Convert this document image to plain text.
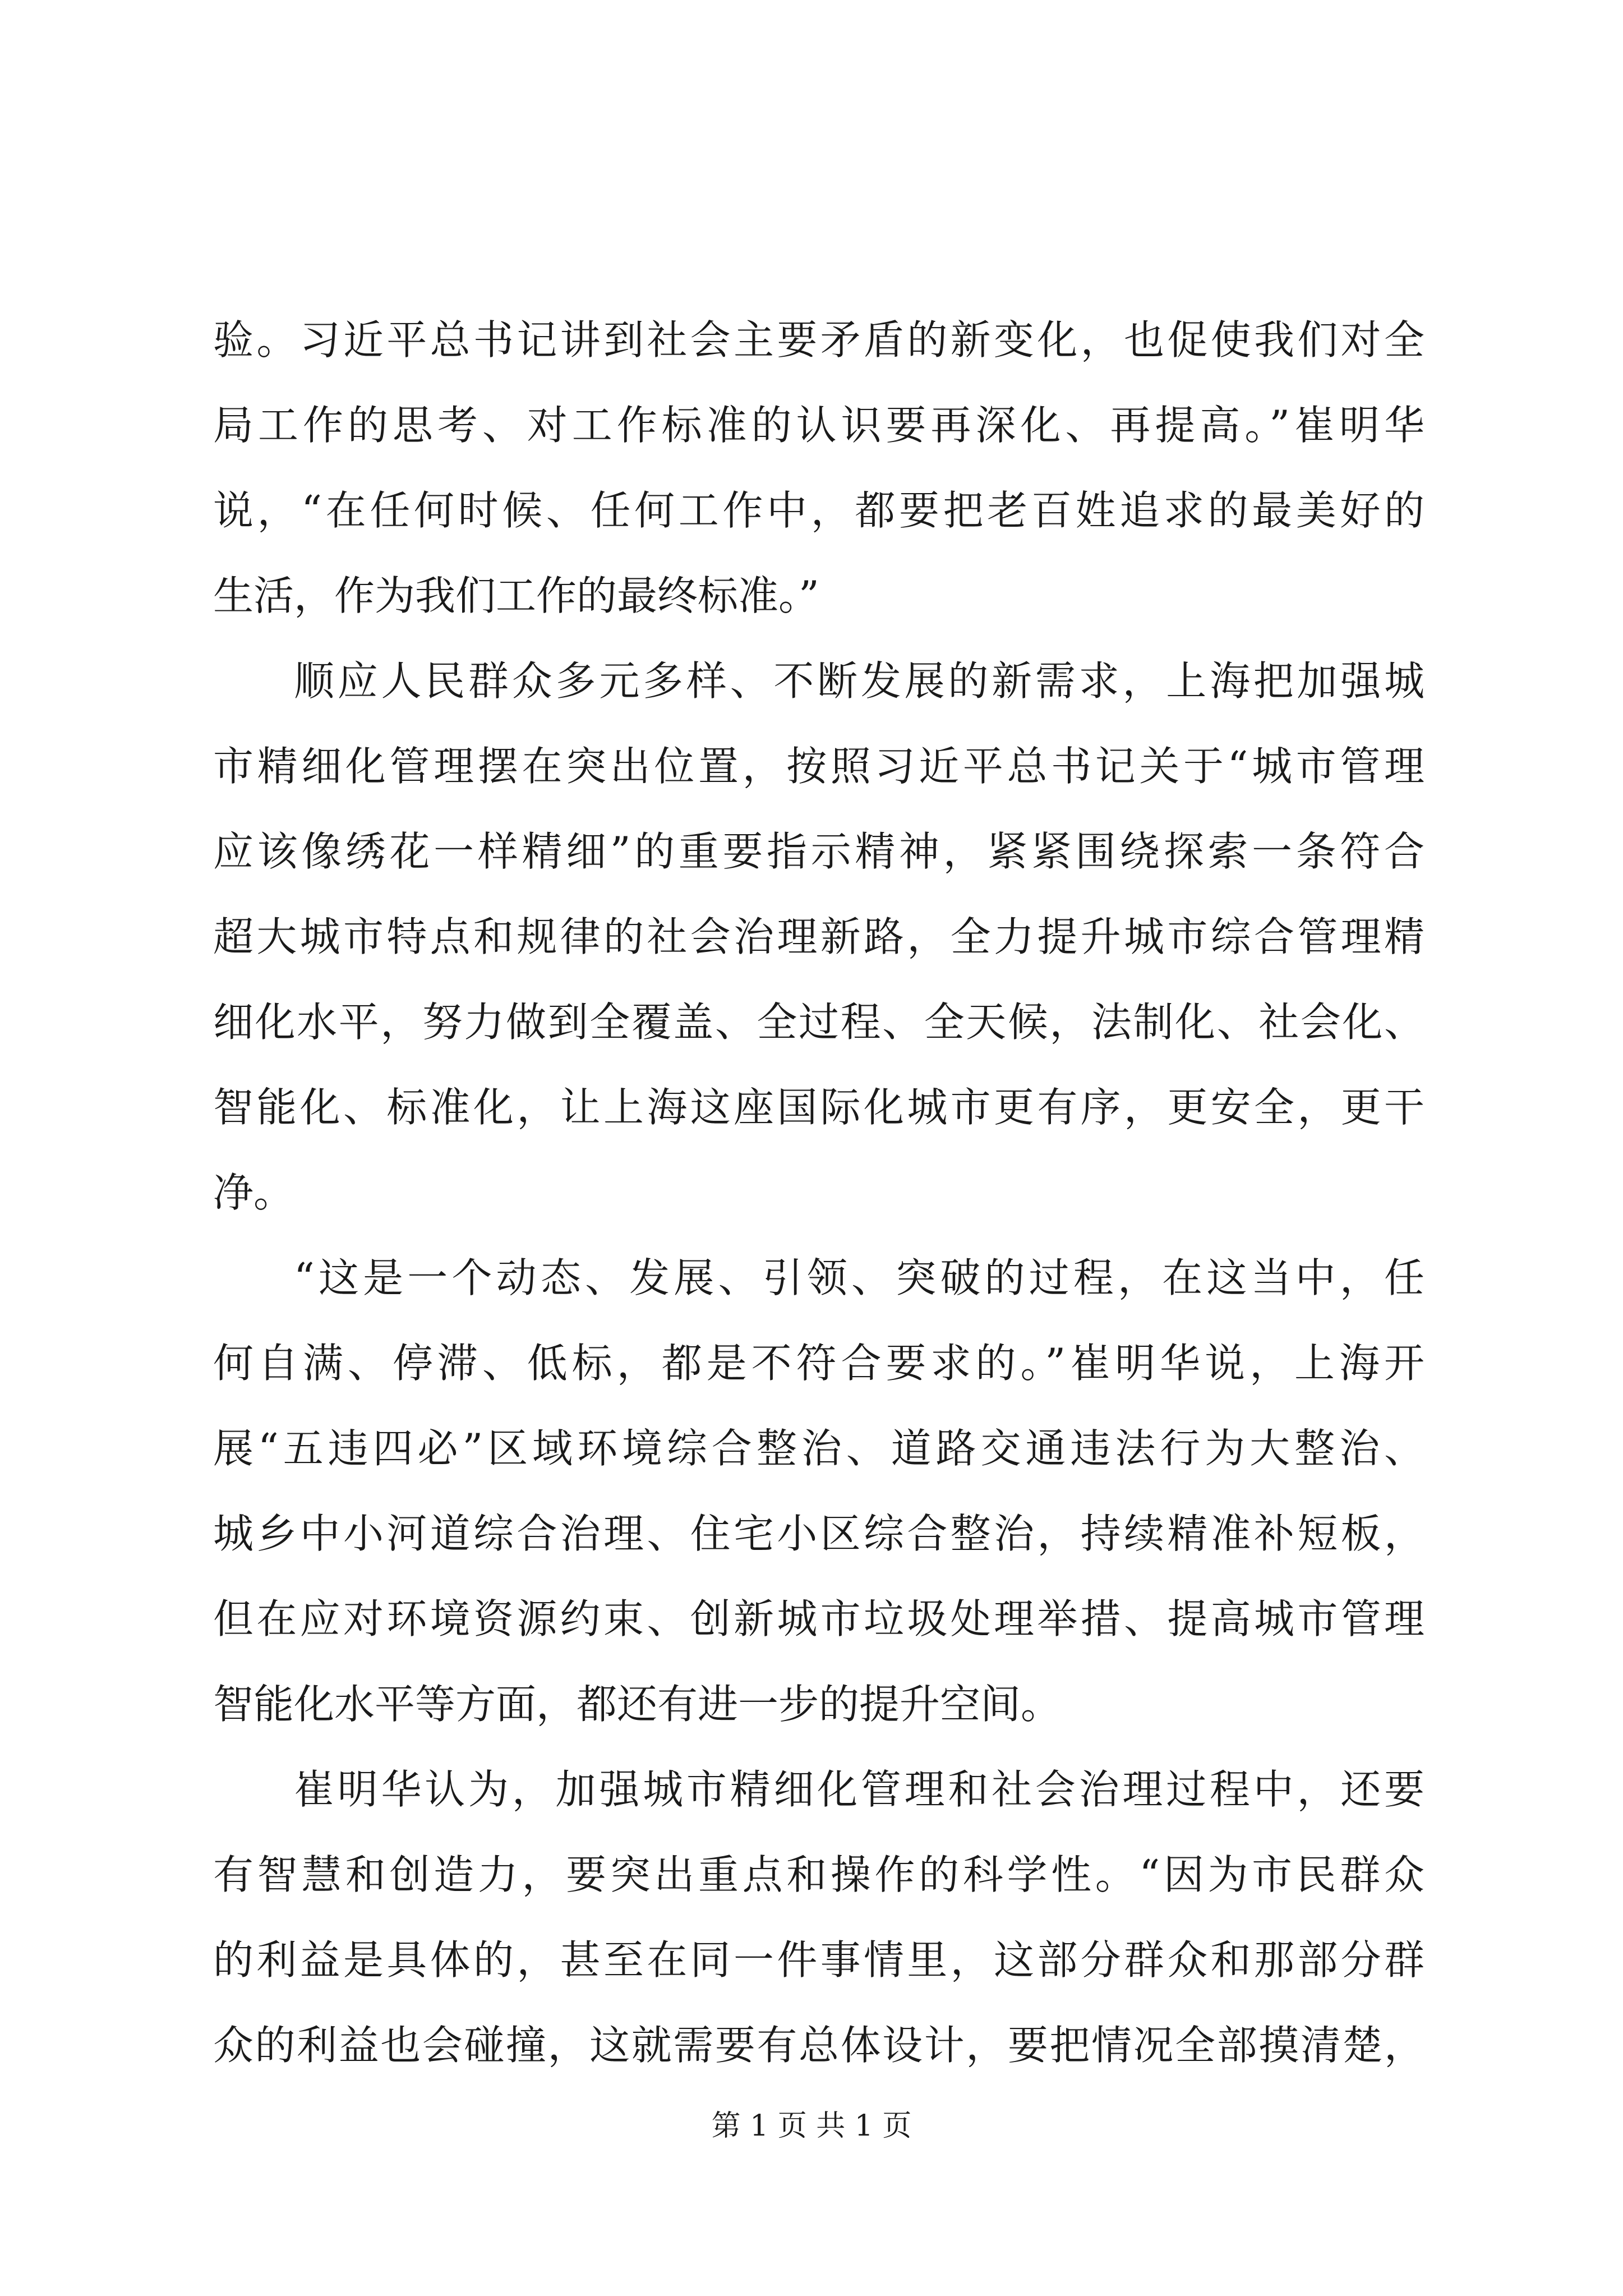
验。习近平总书记讲到社会主要矛盾的新变化，也促使我们对全
局工作的思考、对工作标准的认识要再深化、再提高。”崔明华
说，“在任何时候、任何工作中，都要把老百姓追求的最美好的
生活，作为我们工作的最终标准。”
顺应人民群众多元多样、不断发展的新需求，上海把加强城
市精细化管理摆在突出位置，按照习近平总书记关于“城市管理
应该像绣花一样精细”的重要指示精神，紧紧围绕探索一条符合
超大城市特点和规律的社会治理新路，全力提升城市综合管理精
细化水平，努力做到全覆盖、全过程、全天候，法制化、社会化、
智能化、标准化，让上海这座国际化城市更有序，更安全，更干
净。
“这是一个动态、发展、引领、突破的过程，在这当中，任
何自满、停滞、低标，都是不符合要求的。”崔明华说，上海开
展“五违四必”区域环境综合整治、道路交通违法行为大整治、
城乡中小河道综合治理、住宅小区综合整治，持续精准补短板，
但在应对环境资源约束、创新城市垃圾处理举措、提高城市管理
智能化水平等方面，都还有进一步的提升空间。
崔明华认为，加强城市精细化管理和社会治理过程中，还要
有智慧和创造力，要突出重点和操作的科学性。“因为市民群众
的利益是具体的，甚至在同一件事情里，这部分群众和那部分群
众的利益也会碰撞，这就需要有总体设计，要把情况全部摸清楚，
第 1 页 共 1 页
